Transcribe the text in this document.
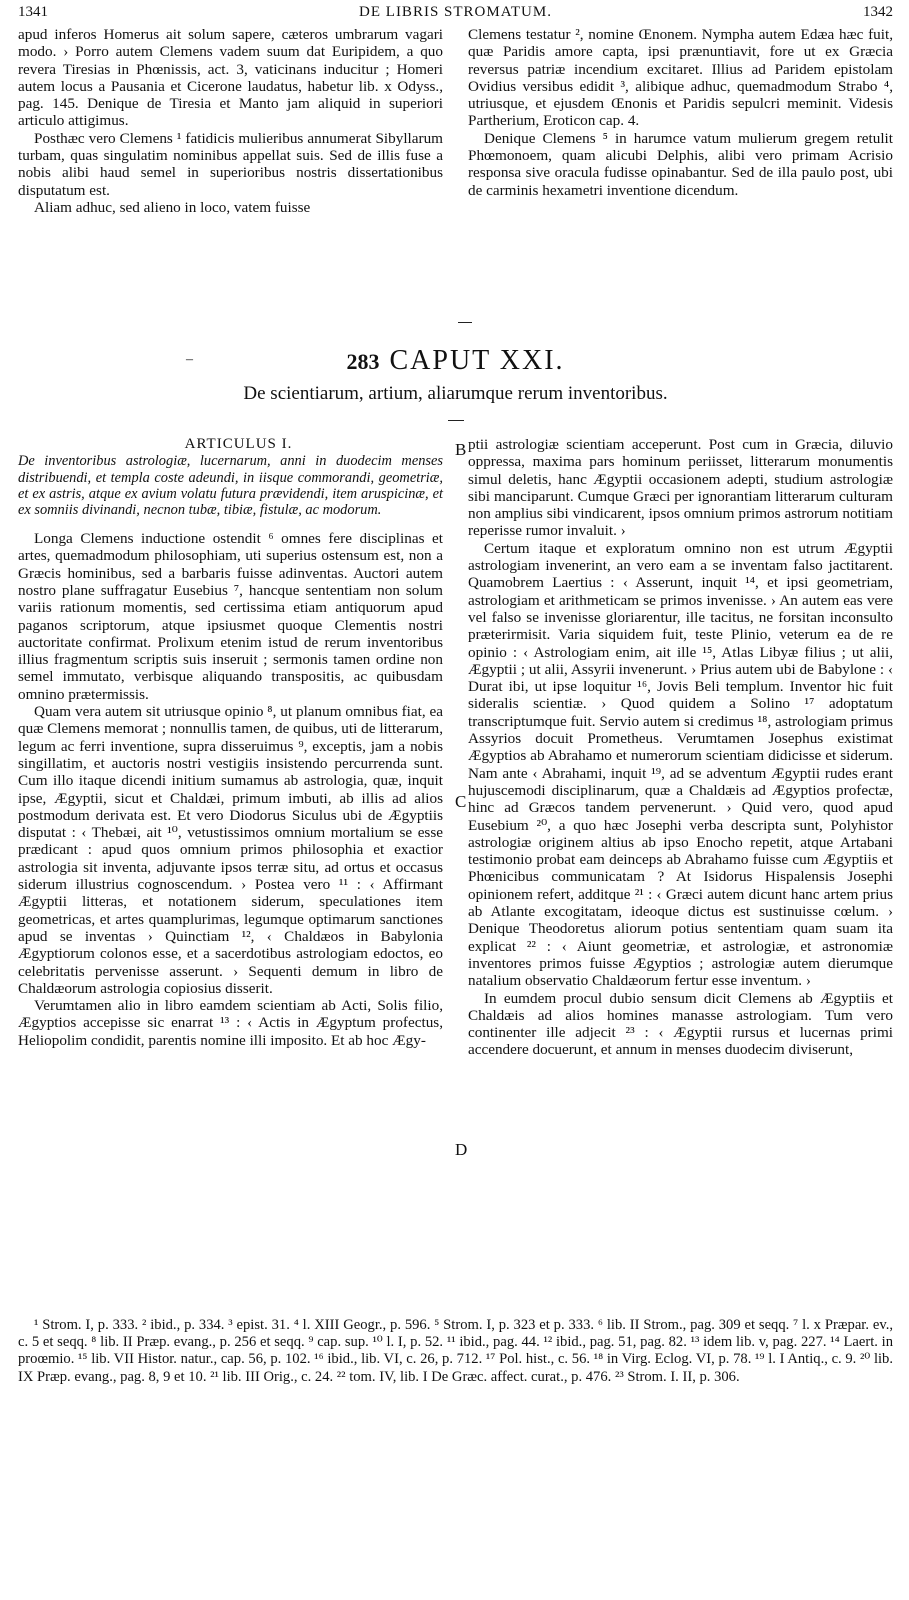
1341	DE LIBRIS STROMATUM.	1342

apud inferos Homerus ait solum sapere, cæteros umbrarum vagari modo. › Porro autem Clemens vadem suum dat Euripidem, a quo revera Tiresias in Phœnissis, act. 3, vaticinans inducitur ; Homeri autem locus a Pausania et Cicerone laudatus, habetur lib. x Odyss., pag. 145. Denique de Tiresia et Manto jam aliquid in superiori articulo attigimus.

Posthæc vero Clemens ¹ fatidicis mulieribus annumerat Sibyllarum turbam, quas singulatim nominibus appellat suis. Sed de illis fuse a nobis alibi haud semel in superioribus nostris dissertationibus disputatum est.

Aliam adhuc, sed alieno in loco, vatem fuisse

Clemens testatur ², nomine Œnonem. Nympha autem Edæa hæc fuit, quæ Paridis amore capta, ipsi prænuntiavit, fore ut ex Græcia reversus patriæ incendium excitaret. Illius ad Paridem epistolam Ovidius versibus edidit ³, alibique adhuc, quemadmodum Strabo ⁴, utriusque, et ejusdem Œnonis et Paridis sepulcri meminit. Videsis Partherium, Eroticon cap. 4.

Denique Clemens ⁵ in harumce vatum mulierum gregem retulit Phœmonoem, quam alicubi Delphis, alibi vero primam Acrisio responsa sive oracula fudisse opinabantur. Sed de illa paulo post, ubi de carminis hexametri inventione dicendum.

–	283 CAPUT XXI.
De scientiarum, artium, aliarumque rerum inventoribus.

ARTICULUS I.

De inventoribus astrologiæ, lucernarum, anni in duodecim menses distribuendi, et templa coste adeundi, in iisque commorandi, geometriæ, et ex astris, atque ex avium volatu futura prævidendi, item aruspicinæ, et ex somniis divinandi, necnon tubæ, tibiæ, fistulæ, ac modorum.

Longa Clemens inductione ostendit ⁶ omnes fere disciplinas et artes, quemadmodum philosophiam, uti superius ostensum est, non a Græcis hominibus, sed a barbaris fuisse adinventas. Auctori autem nostro plane suffragatur Eusebius ⁷, hancque sententiam non solum variis rationum momentis, sed certissima etiam antiquorum apud paganos scriptorum, atque ipsiusmet quoque Clementis nostri auctoritate confirmat. Prolixum etenim istud de rerum inventoribus illius fragmentum scriptis suis inseruit ; sermonis tamen ordine non semel immutato, verbisque aliquando transpositis, ac quibusdam omnino prætermissis.

Quam vera autem sit utriusque opinio ⁸, ut planum omnibus fiat, ea quæ Clemens memorat ; nonnullis tamen, de quibus, uti de litterarum, legum ac ferri inventione, supra disseruimus ⁹, exceptis, jam a nobis singillatim, et auctoris nostri vestigiis insistendo percurrenda sunt. Cum illo itaque dicendi initium sumamus ab astrologia, quæ, inquit ipse, Ægyptii, sicut et Chaldæi, primum imbuti, ab illis ad alios postmodum derivata est. Et vero Diodorus Siculus ubi de Ægyptiis disputat : ‹ Thebæi, ait ¹⁰, vetustissimos omnium mortalium se esse prædicant : apud quos omnium primos philosophia et exactior astrologia sit inventa, adjuvante ipsos terræ situ, ad ortus et occasus siderum illustrius cognoscendum. › Postea vero ¹¹ : ‹ Affirmant Ægyptii litteras, et notationem siderum, speculationes item geometricas, et artes quamplurimas, legumque optimarum sanctiones apud se inventas › Quinctiam ¹², ‹ Chaldæos in Babylonia Ægyptiorum colonos esse, et a sacerdotibus astrologiam edoctos, eo celebritatis pervenisse asserunt. › Sequenti demum in libro de Chaldæorum astrologia copiosius disserit.

Verumtamen alio in libro eamdem scientiam ab Acti, Solis filio, Ægyptios accepisse sic enarrat ¹³ : ‹ Actis in Ægyptum profectus, Heliopolim condidit, parentis nomine illi imposito. Et ab hoc Ægy-

B
C
D

ptii astrologiæ scientiam acceperunt. Post cum in Græcia, diluvio oppressa, maxima pars hominum periisset, litterarum monumentis simul deletis, hanc Ægyptii occasionem adepti, studium astrologiæ sibi manciparunt. Cumque Græci per ignorantiam litterarum culturam non amplius sibi vindicarent, ipsos omnium primos astrorum notitiam reperisse rumor invaluit. ›

Certum itaque et exploratum omnino non est utrum Ægyptii astrologiam invenerint, an vero eam a se inventam falso jactitarent. Quamobrem Laertius : ‹ Asserunt, inquit ¹⁴, et ipsi geometriam, astrologiam et arithmeticam se primos invenisse. › An autem eas vere vel falso se invenisse gloriarentur, ille tacitus, ne forsitan inconsulto præterirmisit. Varia siquidem fuit, teste Plinio, veterum ea de re opinio : ‹ Astrologiam enim, ait ille ¹⁵, Atlas Libyæ filius ; ut alii, Ægyptii ; ut alii, Assyrii invenerunt. › Prius autem ubi de Babylone : ‹ Durat ibi, ut ipse loquitur ¹⁶, Jovis Beli templum. Inventor hic fuit sideralis scientiæ. › Quod quidem a Solino ¹⁷ adoptatum transcriptumque fuit. Servio autem si credimus ¹⁸, astrologiam primus Assyrios docuit Prometheus. Verumtamen Josephus existimat Ægyptios ab Abrahamo et numerorum scientiam didicisse et siderum. Nam ante ‹ Abrahami, inquit ¹⁹, ad se adventum Ægyptii rudes erant hujuscemodi disciplinarum, quæ a Chaldæis ad Ægyptios profectæ, hinc ad Græcos tandem pervenerunt. › Quid vero, quod apud Eusebium ²⁰, a quo hæc Josephi verba descripta sunt, Polyhistor astrologiæ originem altius ab ipso Enocho repetit, atque Artabani testimonio probat eam deinceps ab Abrahamo fuisse cum Ægyptiis et Phœnicibus communicatam ? At Isidorus Hispalensis Josephi opinionem refert, additque ²¹ : ‹ Græci autem dicunt hanc artem prius ab Atlante excogitatam, ideoque dictus est sustinuisse cœlum. › Denique Theodoretus aliorum potius sententiam quam suam ita explicat ²² : ‹ Aiunt geometriæ, et astrologiæ, et astronomiæ inventores primos fuisse Ægyptios ; astrologiæ autem dierumque natalium observatio Chaldæorum fertur esse inventum. ›

In eumdem procul dubio sensum dicit Clemens ab Ægyptiis et Chaldæis ad alios homines manasse astrologiam. Tum vero continenter ille adjecit ²³ : ‹ Ægyptii rursus et lucernas primi accendere docuerunt, et annum in menses duodecim diviserunt,

¹ Strom. I, p. 333. ² ibid., p. 334. ³ epist. 31. ⁴ l. XIII Geogr., p. 596. ⁵ Strom. I, p. 323 et p. 333. ⁶ lib. II Strom., pag. 309 et seqq. ⁷ l. x Præpar. ev., c. 5 et seqq. ⁸ lib. II Præp. evang., p. 256 et seqq. ⁹ cap. sup. ¹⁰ l. I, p. 52. ¹¹ ibid., pag. 44. ¹² ibid., pag. 51, pag. 82. ¹³ idem lib. v, pag. 227. ¹⁴ Laert. in proœmio. ¹⁵ lib. VII Histor. natur., cap. 56, p. 102. ¹⁶ ibid., lib. VI, c. 26, p. 712. ¹⁷ Pol. hist., c. 56. ¹⁸ in Virg. Eclog. VI, p. 78. ¹⁹ l. I Antiq., c. 9. ²⁰ lib. IX Præp. evang., pag. 8, 9 et 10. ²¹ lib. III Orig., c. 24. ²² tom. IV, lib. I De Græc. affect. curat., p. 476. ²³ Strom. I. II, p. 306.
